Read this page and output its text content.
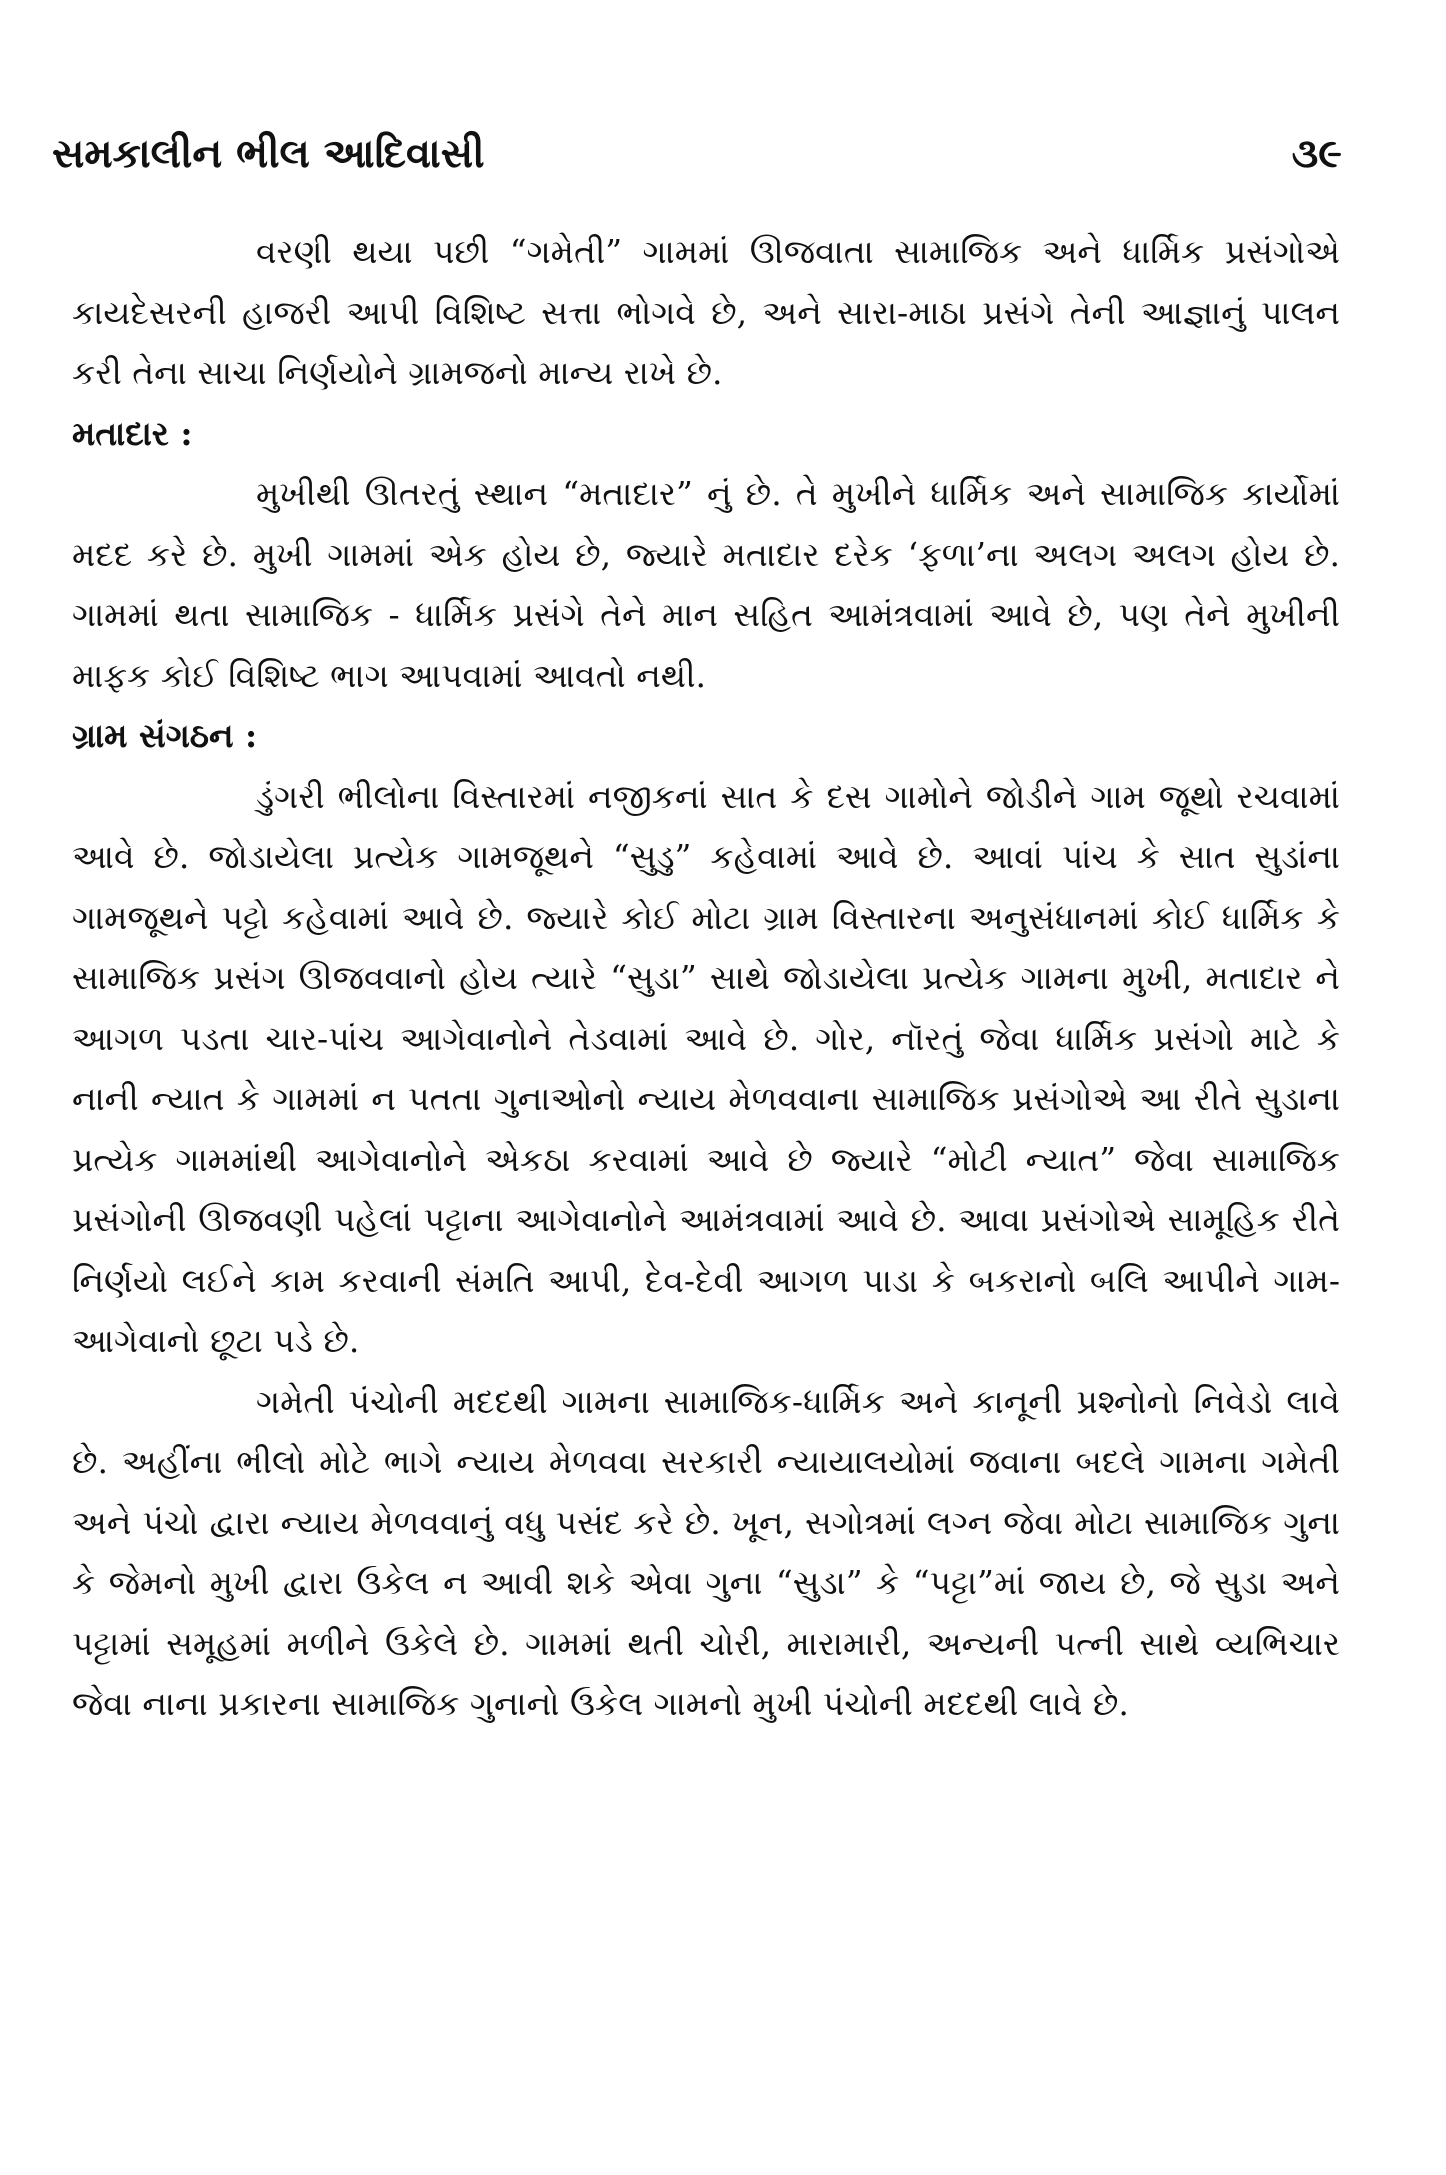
સમકાલીન ભીલ આદિવાસી	૩૯

વરણી થયા પછી “ગમેતી” ગામમાં ઊજવાતા સામાજિક અને ધાર્મિક પ્રસંગોએ કાયદેસરની હાજરી આપી વિશિષ્ટ સત્તા ભોગવે છે, અને સારા-માઠા પ્રસંગે તેની આજ્ઞાનું પાલન કરી તેના સાચા નિર્ણયોને ગ્રામજનો માન્ય રાખે છે.

મતાદાર :

મુખીથી ઊતરતું સ્થાન “મતાદાર” નું છે. તે મુખીને ધાર્મિક અને સામાજિક કાર્યોમાં મદદ કરે છે. મુખી ગામમાં એક હોય છે, જ્યારે મતાદાર દરેક ‘ફળા’ના અલગ અલગ હોય છે. ગામમાં થતા સામાજિક - ધાર્મિક પ્રસંગે તેને માન સહિત આમંત્રવામાં આવે છે, પણ તેને મુખીની માફક કોઈ વિશિષ્ટ ભાગ આપવામાં આવતો નથી.

ગ્રામ સંગઠન :

ડુંગરી ભીલોના વિસ્તારમાં નજીકનાં સાત કે દસ ગામોને જોડીને ગામ જૂથો રચવામાં આવે છે. જોડાયેલા પ્રત્યેક ગામજૂથને “સુડુ” કહેવામાં આવે છે. આવાં પાંચ કે સાત સુડાંના ગામજૂથને પટ્ટો કહેવામાં આવે છે. જ્યારે કોઈ મોટા ગ્રામ વિસ્તારના અનુસંધાનમાં કોઈ ધાર્મિક કે સામાજિક પ્રસંગ ઊજવવાનો હોય ત્યારે “સુડા” સાથે જોડાયેલા પ્રત્યેક ગામના મુખી, મતાદાર ને આગળ પડતા ચાર-પાંચ આગેવાનોને તેડવામાં આવે છે. ગોર, નૉરતું જેવા ધાર્મિક પ્રસંગો માટે કે નાની ન્યાત કે ગામમાં ન પતતા ગુનાઓનો ન્યાય મેળવવાના સામાજિક પ્રસંગોએ આ રીતે સુડાના પ્રત્યેક ગામમાંથી આગેવાનોને એકઠા કરવામાં આવે છે જ્યારે “મોટી ન્યાત” જેવા સામાજિક પ્રસંગોની ઊજવણી પહેલાં પટ્ટાના આગેવાનોને આમંત્રવામાં આવે છે. આવા પ્રસંગોએ સામૂહિક રીતે નિર્ણયો લઈને કામ કરવાની સંમતિ આપી, દેવ-દેવી આગળ પાડા કે બકરાનો બલિ આપીને ગામ-આગેવાનો છૂટા પડે છે.

ગમેતી પંચોની મદદથી ગામના સામાજિક-ધાર્મિક અને કાનૂની પ્રશ્નોનો નિવેડો લાવે છે. અહીંના ભીલો મોટે ભાગે ન્યાય મેળવવા સરકારી ન્યાયાલયોમાં જવાના બદલે ગામના ગમેતી અને પંચો દ્વારા ન્યાય મેળવવાનું વધુ પસંદ કરે છે. ખૂન, સગોત્રમાં લગ્ન જેવા મોટા સામાજિક ગુના કે જેમનો મુખી દ્વારા ઉકેલ ન આવી શકે એવા ગુના “સુડા” કે “પટ્ટા”માં જાય છે, જે સુડા અને પટ્ટામાં સમૂહમાં મળીને ઉકેલે છે. ગામમાં થતી ચોરી, મારામારી, અન્યની પત્ની સાથે વ્યભિચાર જેવા નાના પ્રકારના સામાજિક ગુનાનો ઉકેલ ગામનો મુખી પંચોની મદદથી લાવે છે.
